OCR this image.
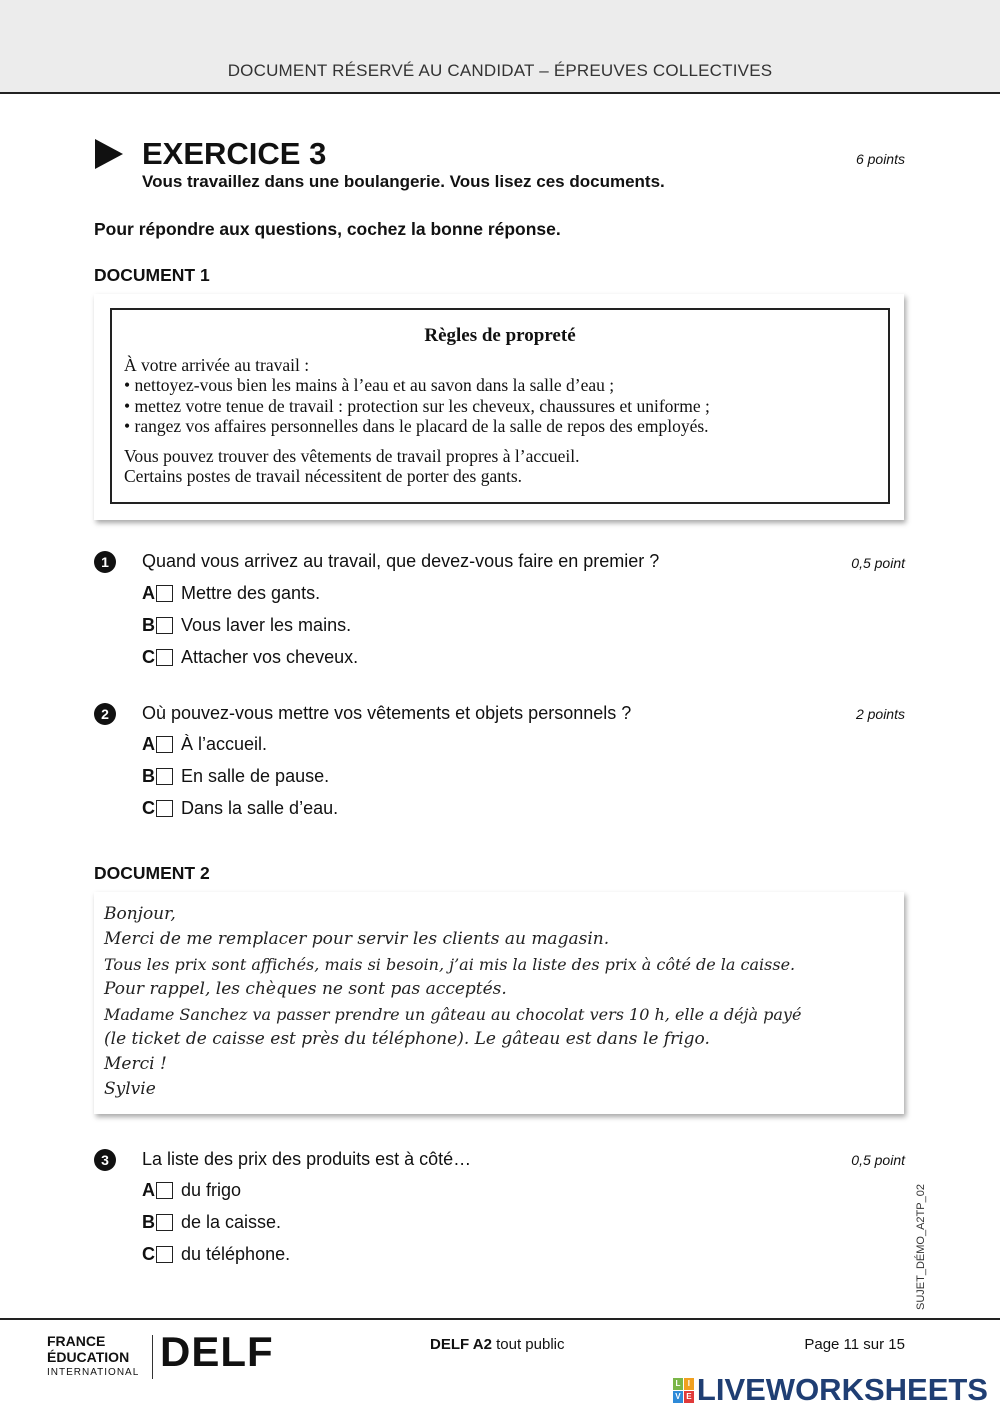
DOCUMENT RÉSERVÉ AU CANDIDAT – ÉPREUVES COLLECTIVES
EXERCICE 3	6 points
Vous travaillez dans une boulangerie. Vous lisez ces documents.
Pour répondre aux questions, cochez la bonne réponse.
DOCUMENT 1
Règles de propreté
À votre arrivée au travail :
• nettoyez-vous bien les mains à l’eau et au savon dans la salle d’eau ;
• mettez votre tenue de travail : protection sur les cheveux, chaussures et uniforme ;
• rangez vos affaires personnelles dans le placard de la salle de repos des employés.
Vous pouvez trouver des vêtements de travail propres à l’accueil.
Certains postes de travail nécessitent de porter des gants.
1	Quand vous arrivez au travail, que devez-vous faire en premier ?	0,5 point
A Mettre des gants.
B Vous laver les mains.
C Attacher vos cheveux.
2	Où pouvez-vous mettre vos vêtements et objets personnels ?	2 points
A À l’accueil.
B En salle de pause.
C Dans la salle d’eau.
DOCUMENT 2
Bonjour,
Merci de me remplacer pour servir les clients au magasin.
Tous les prix sont affichés, mais si besoin, j’ai mis la liste des prix à côté de la caisse.
Pour rappel, les chèques ne sont pas acceptés.
Madame Sanchez va passer prendre un gâteau au chocolat vers 10 h, elle a déjà payé
(le ticket de caisse est près du téléphone). Le gâteau est dans le frigo.
Merci !
Sylvie
3	La liste des prix des produits est à côté…	0,5 point
A du frigo
B de la caisse.
C du téléphone.	SUJET_DÉMO_A2TP_02
FRANCE
ÉDUCATION
INTERNATIONAL DELF	DELF A2 tout public	Page 11 sur 15
L I
V E LIVEWORKSHEETS
